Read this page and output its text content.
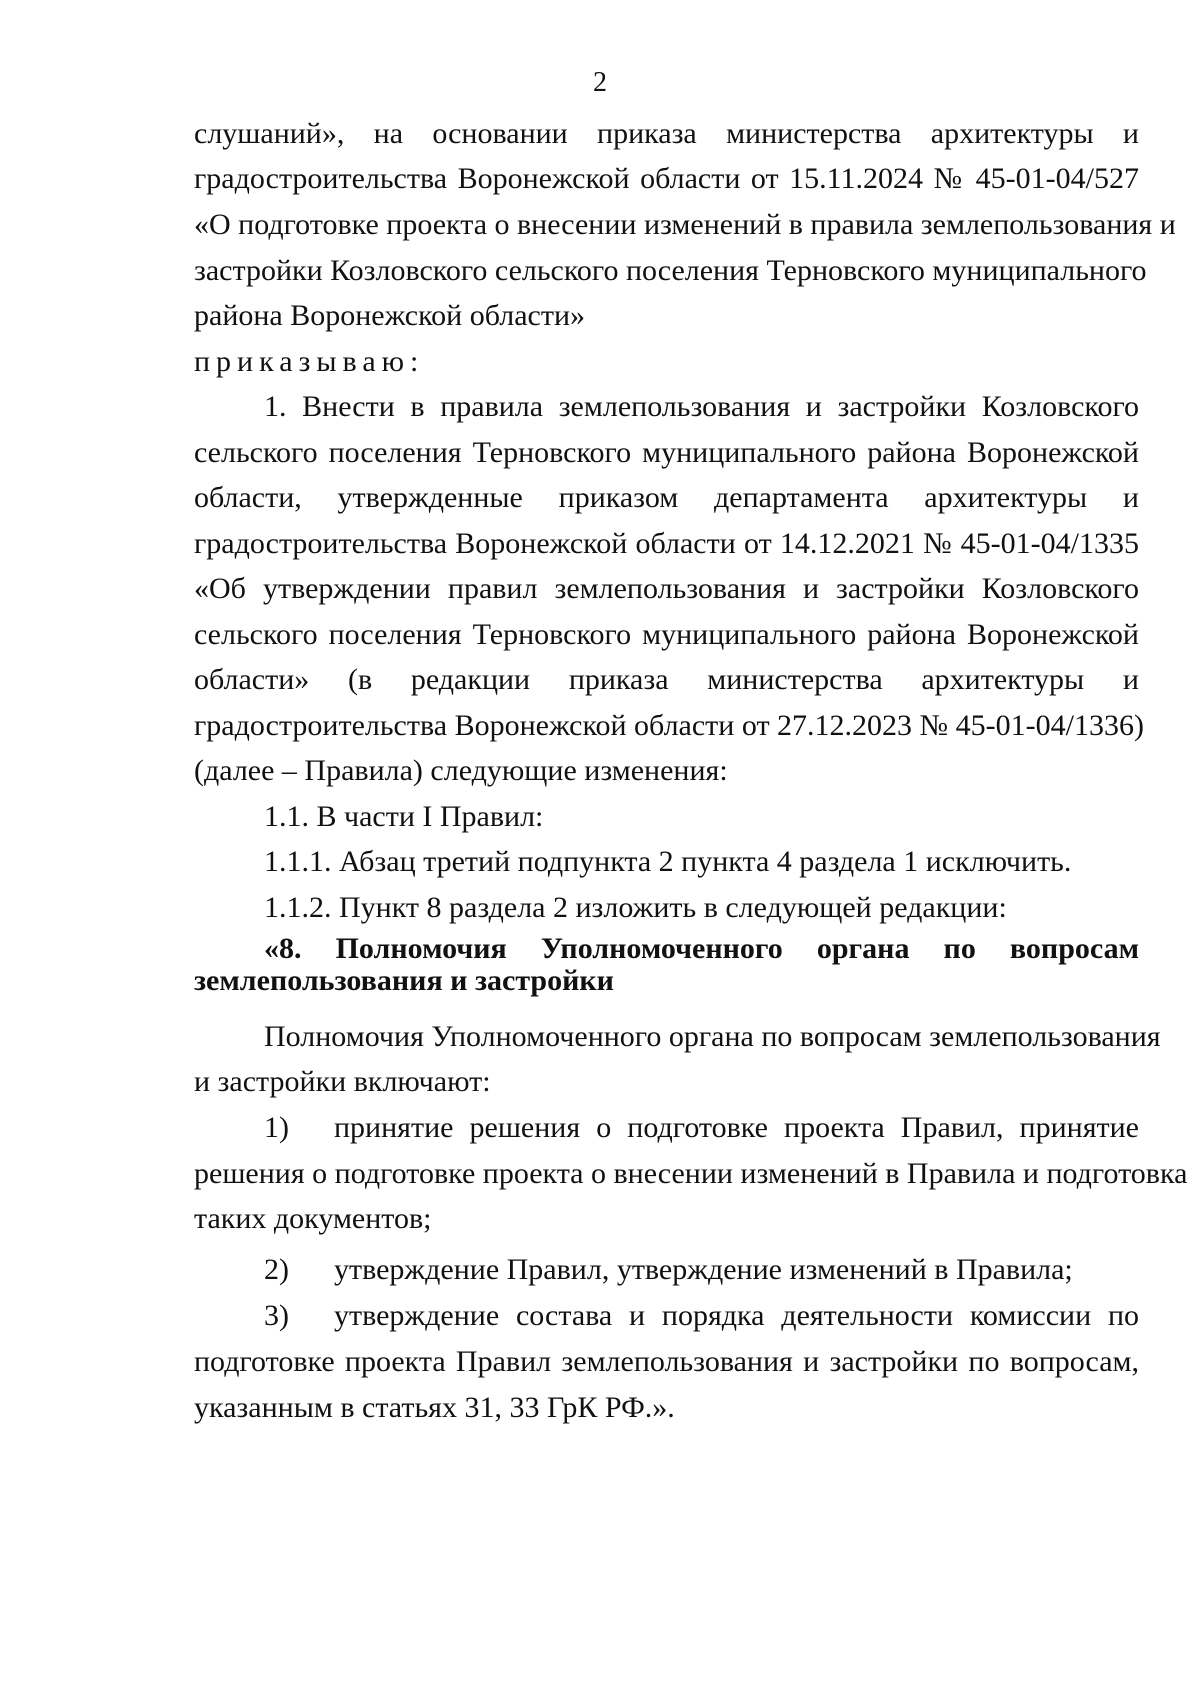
2
слушаний», на основании приказа министерства архитектуры и
градостроительства Воронежской области от 15.11.2024 № 45-01-04/527
«О подготовке проекта о внесении изменений в правила землепользования и
застройки Козловского сельского поселения Терновского муниципального
района Воронежской области»
приказываю:
1. Внести в правила землепользования и застройки Козловского
сельского поселения Терновского муниципального района Воронежской
области, утвержденные приказом департамента архитектуры и
градостроительства Воронежской области от 14.12.2021 № 45-01-04/1335
«Об утверждении правил землепользования и застройки Козловского
сельского поселения Терновского муниципального района Воронежской
области» (в редакции приказа министерства архитектуры и
градостроительства Воронежской области от 27.12.2023 № 45-01-04/1336)
(далее – Правила) следующие изменения:
1.1. В части I Правил:
1.1.1. Абзац третий подпункта 2 пункта 4 раздела 1 исключить.
1.1.2. Пункт 8 раздела 2 изложить в следующей редакции:
«8. Полномочия Уполномоченного органа по вопросам
землепользования и застройки
Полномочия Уполномоченного органа по вопросам землепользования
и застройки включают:
1) принятие решения о подготовке проекта Правил, принятие
решения о подготовке проекта о внесении изменений в Правила и подготовка
таких документов;
2) утверждение Правил, утверждение изменений в Правила;
3) утверждение состава и порядка деятельности комиссии по
подготовке проекта Правил землепользования и застройки по вопросам,
указанным в статьях 31, 33 ГрК РФ.».
